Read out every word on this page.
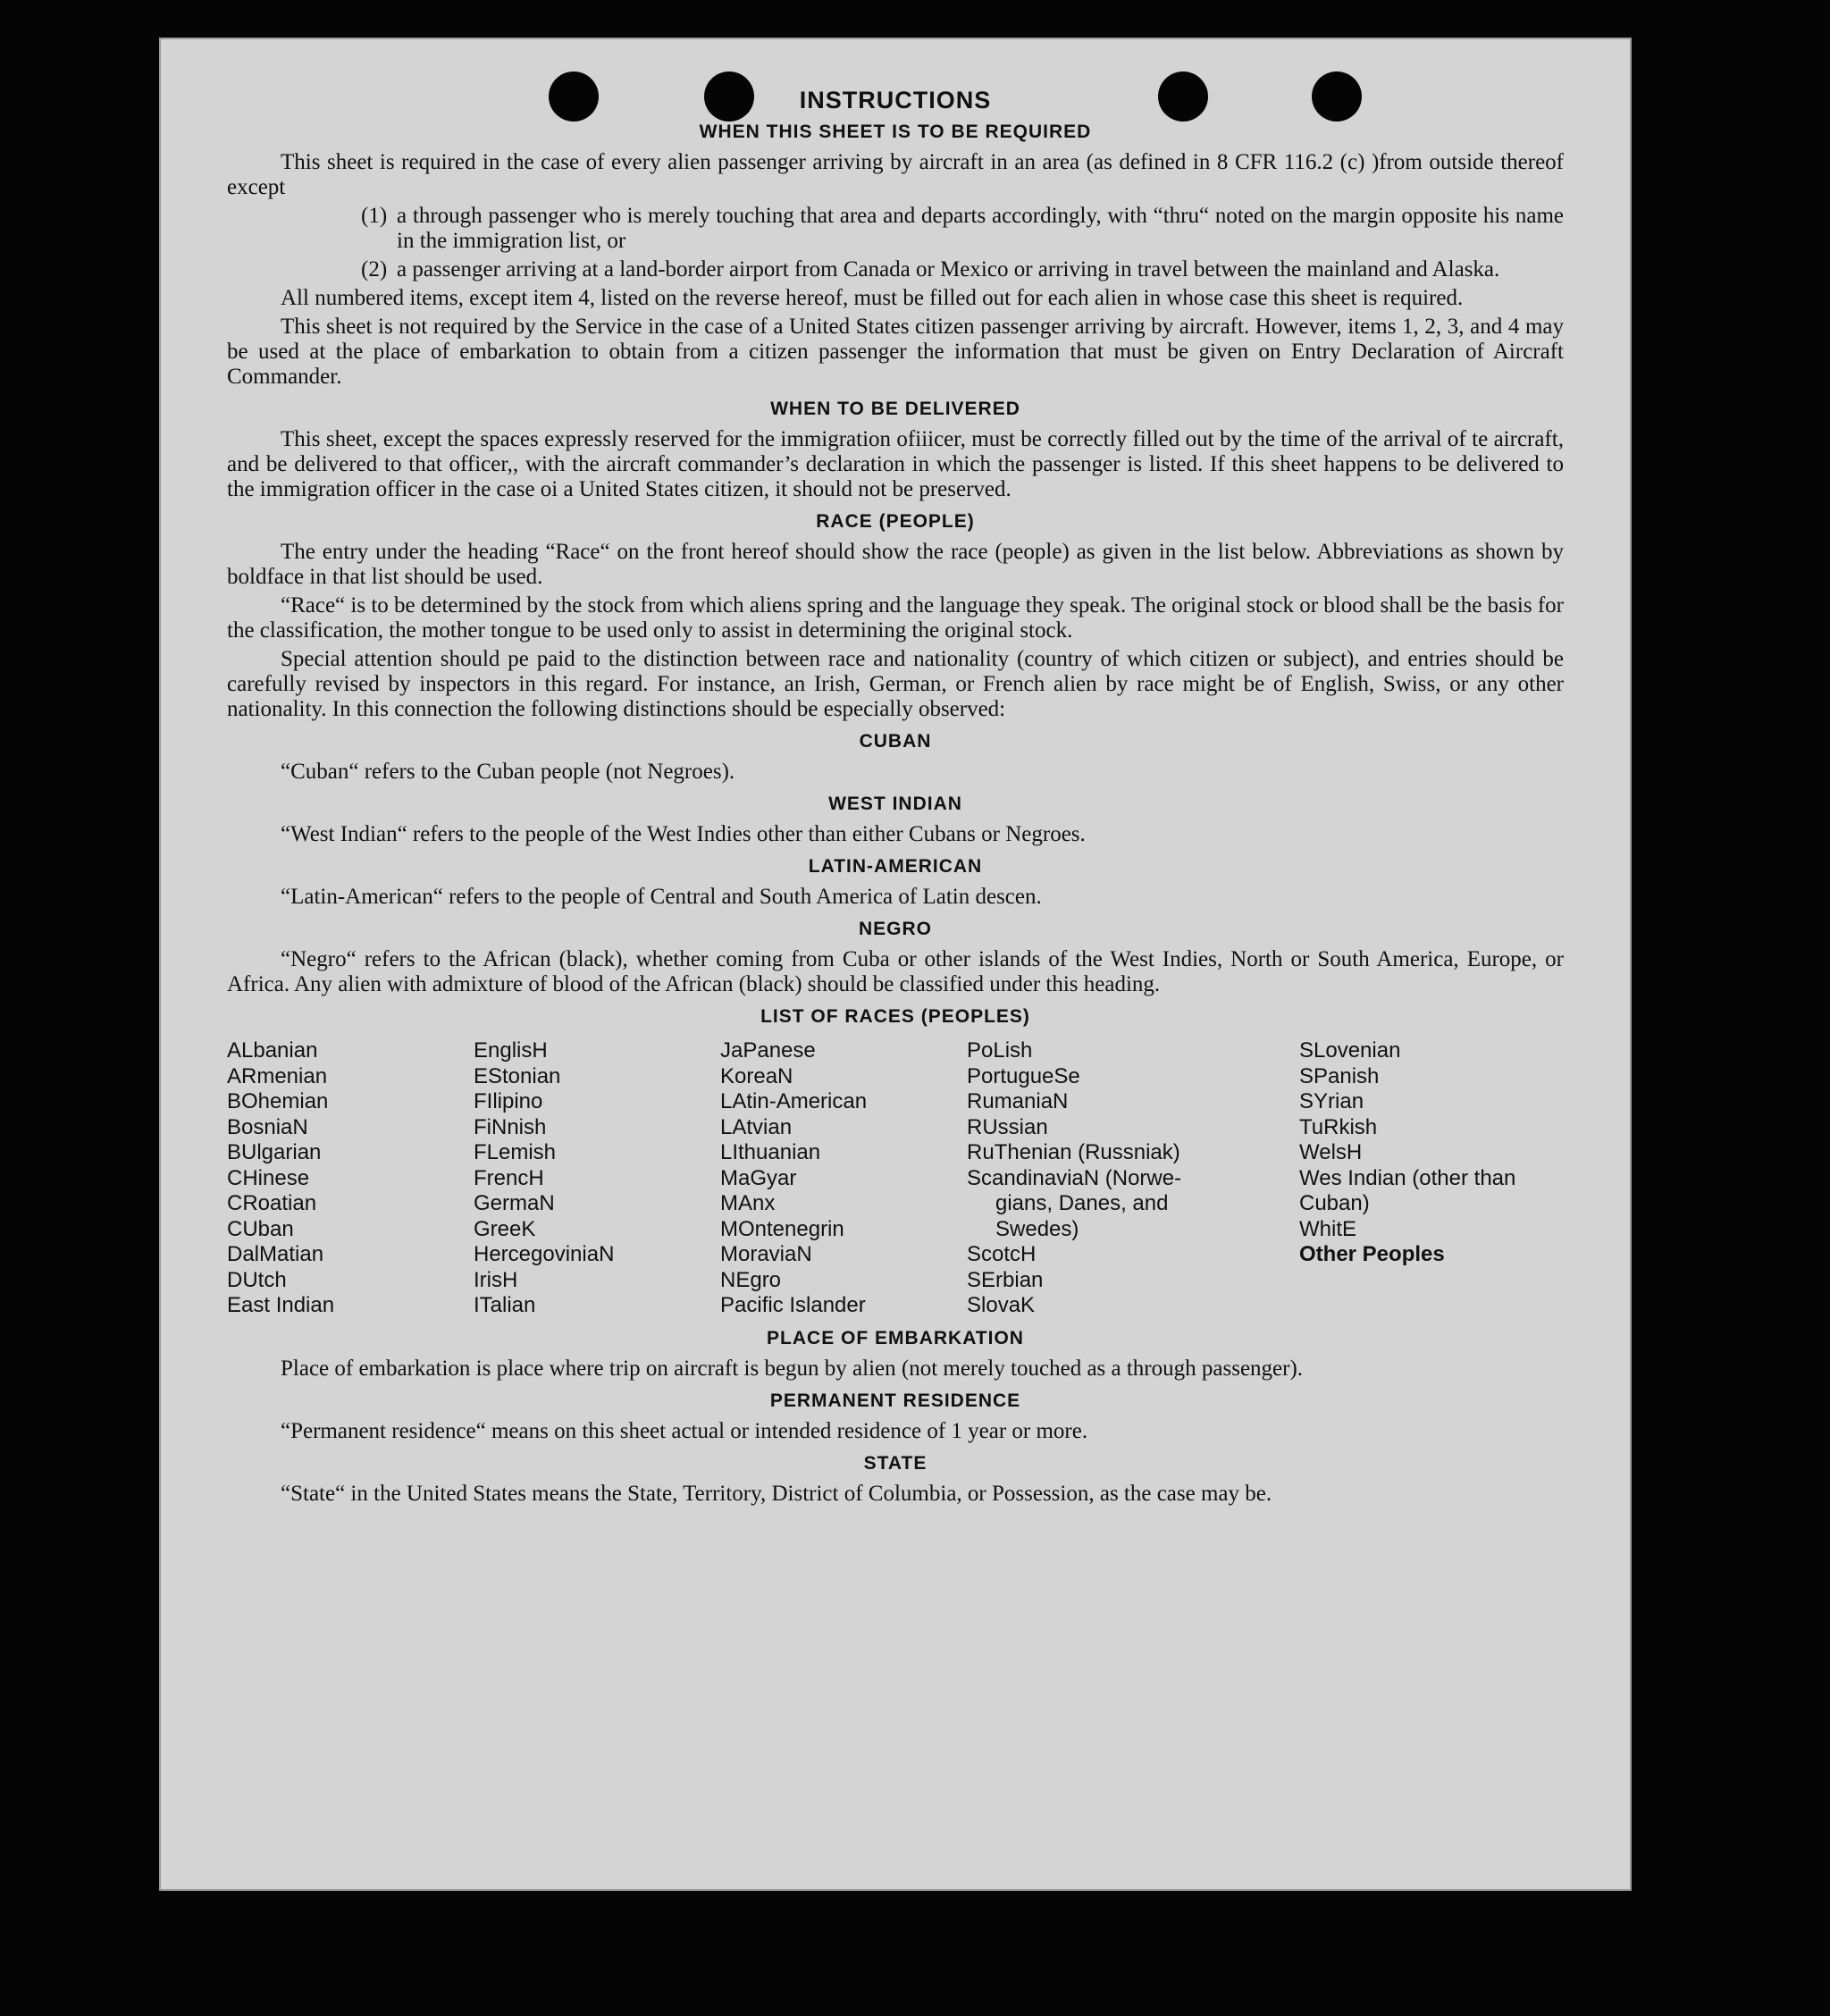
INSTRUCTIONS
WHEN THIS SHEET IS TO BE REQUIRED

This sheet is required in the case of every alien passenger arriving by aircraft in an area (as defined in 8 CFR 116.2 (c) )from outside thereof except

(1) a through passenger who is merely touching that area and departs accordingly, with “thru“ noted on the margin opposite his name in the immigration list, or
(2) a passenger arriving at a land-border airport from Canada or Mexico or arriving in travel between the mainland and Alaska.

All numbered items, except item 4, listed on the reverse hereof, must be filled out for each alien in whose case this sheet is required.

This sheet is not required by the Service in the case of a United States citizen passenger arriving by aircraft. However, items 1, 2, 3, and 4 may be used at the place of embarkation to obtain from a citizen passenger the information that must be given on Entry Declaration of Aircraft Commander.

WHEN TO BE DELIVERED

This sheet, except the spaces expressly reserved for the immigration ofiiicer, must be correctly filled out by the time of the arrival of te aircraft, and be delivered to that officer,, with the aircraft commander’s declaration in which the passenger is listed. If this sheet happens to be delivered to the immigration officer in the case oi a United States citizen, it should not be preserved.

RACE (PEOPLE)

The entry under the heading “Race“ on the front hereof should show the race (people) as given in the list below. Abbreviations as shown by boldface in that list should be used.

“Race“ is to be determined by the stock from which aliens spring and the language they speak. The original stock or blood shall be the basis for the classification, the mother tongue to be used only to assist in determining the original stock.

Special attention should pe paid to the distinction between race and nationality (country of which citizen or subject), and entries should be carefully revised by inspectors in this regard. For instance, an Irish, German, or French alien by race might be of English, Swiss, or any other nationality. In this connection the following distinctions should be especially observed:

CUBAN

“Cuban“ refers to the Cuban people (not Negroes).

WEST INDIAN

“West Indian“ refers to the people of the West Indies other than either Cubans or Negroes.

LATIN-AMERICAN

“Latin-American“ refers to the people of Central and South America of Latin descen.

NEGRO

“Negro“ refers to the African (black), whether coming from Cuba or other islands of the West Indies, North or South America, Europe, or Africa. Any alien with admixture of blood of the African (black) should be classified under this heading.

LIST OF RACES (PEOPLES)
ALbanian
ARmenian
BOhemian
BosniaN
BUlgarian
CHinese
CRoatian
CUban
DalMatian
DUtch
East Indian
EnglisH
EStonian
FIlipino
FiNnish
FLemish
FrencH
GermaN
GreeK
HercegoviniaN
IrisH
ITalian
JaPanese
KoreaN
LAtin-American
LAtvian
LIthuanian
MaGyar
MAnx
MOntenegrin
MoraviaN
NEgro
Pacific Islander
PoLish
PortugueSe
RumaniaN
RUssian
RuThenian (Russniak)
ScandinaviaN (Norwe-
gians, Danes, and
Swedes)
ScotcH
SErbian
SlovaK
SLovenian
SPanish
SYrian
TuRkish
WelsH
Wes Indian (other than Cuban)
WhitE
Other Peoples
PLACE OF EMBARKATION

Place of embarkation is place where trip on aircraft is begun by alien (not merely touched as a through passenger).

PERMANENT RESIDENCE

“Permanent residence“ means on this sheet actual or intended residence of 1 year or more.

STATE

“State“ in the United States means the State, Territory, District of Columbia, or Possession, as the case may be.
